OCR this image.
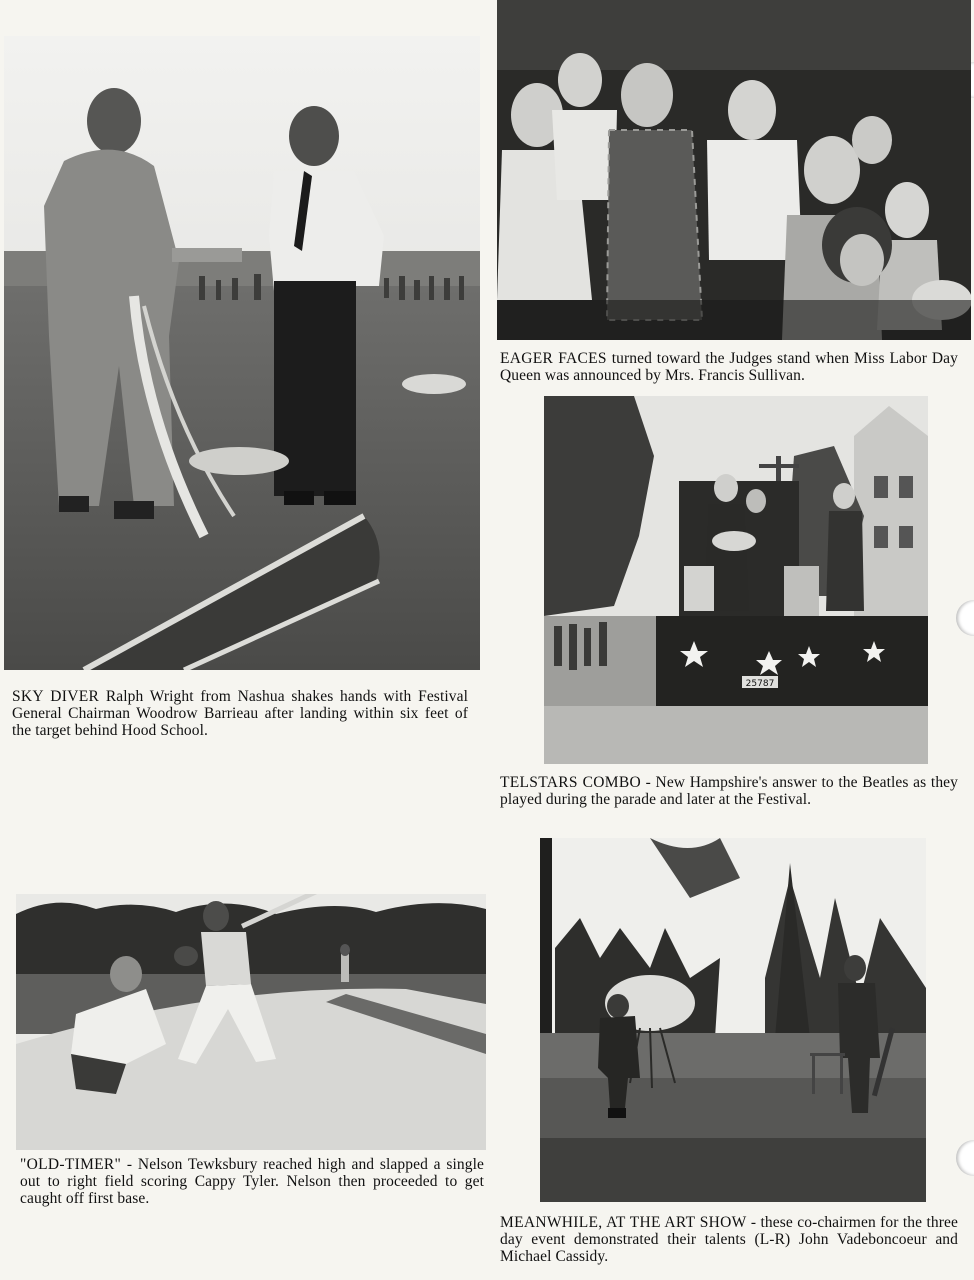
25787
SKY DIVER Ralph Wright from Nashua shakes hands with Festival General Chairman Woodrow Barrieau after landing within six feet of the target behind Hood School.
EAGER FACES turned toward the Judges stand when Miss Labor Day Queen was announced by Mrs. Francis Sullivan.
TELSTARS COMBO - New Hampshire's answer to the Beatles as they played during the parade and later at the Festival.
"OLD-TIMER" - Nelson Tewksbury reached high and slapped a single out to right field scoring Cappy Tyler. Nelson then proceeded to get caught off first base.
MEANWHILE, AT THE ART SHOW - these co-chairmen for the three day event demonstrated their talents (L-R) John Vadeboncoeur and Michael Cassidy.
